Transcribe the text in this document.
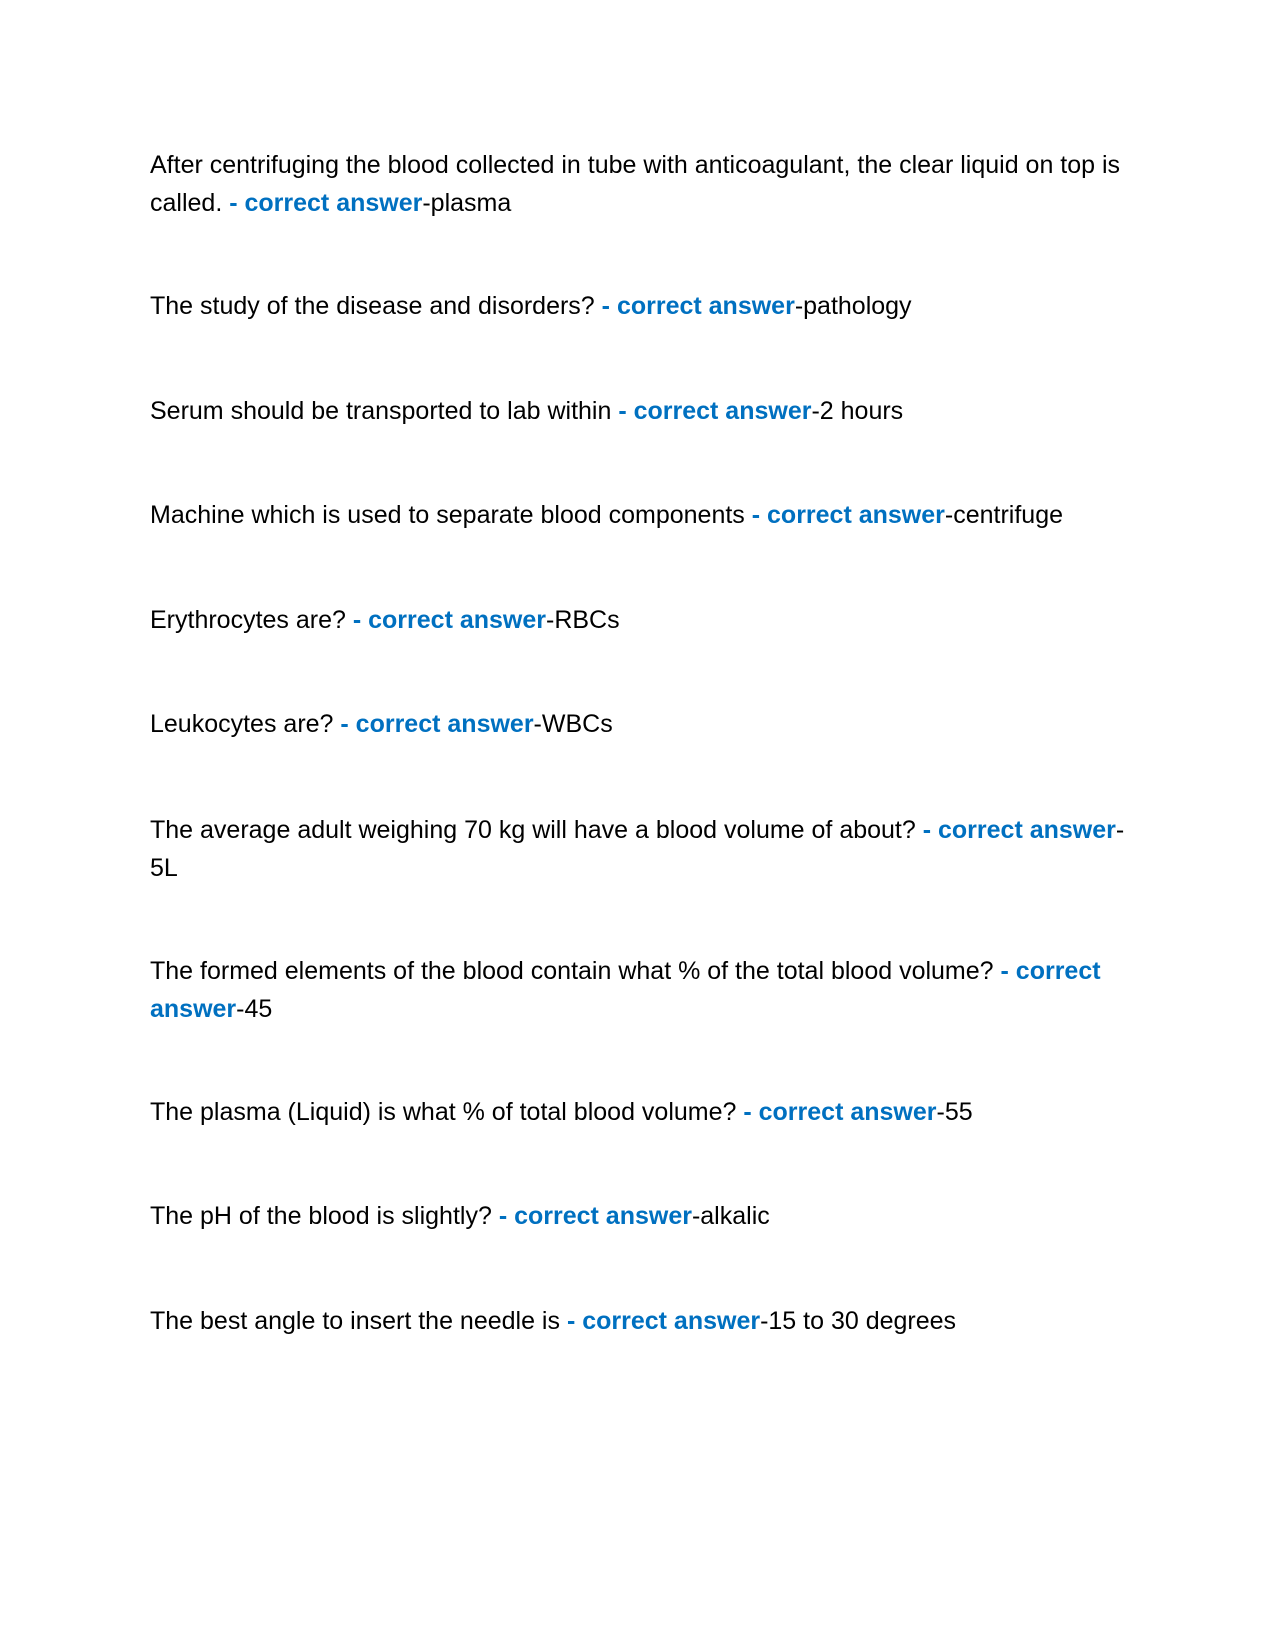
After centrifuging the blood collected in tube with anticoagulant, the clear liquid on top is called. - correct answer-plasma

The study of the disease and disorders? - correct answer-pathology

Serum should be transported to lab within - correct answer-2 hours

Machine which is used to separate blood components - correct answer-centrifuge

Erythrocytes are? - correct answer-RBCs

Leukocytes are? - correct answer-WBCs

The average adult weighing 70 kg will have a blood volume of about? - correct answer-5L

The formed elements of the blood contain what % of the total blood volume? - correct answer-45

The plasma (Liquid) is what % of total blood volume? - correct answer-55

The pH of the blood is slightly? - correct answer-alkalic

The best angle to insert the needle is - correct answer-15 to 30 degrees
